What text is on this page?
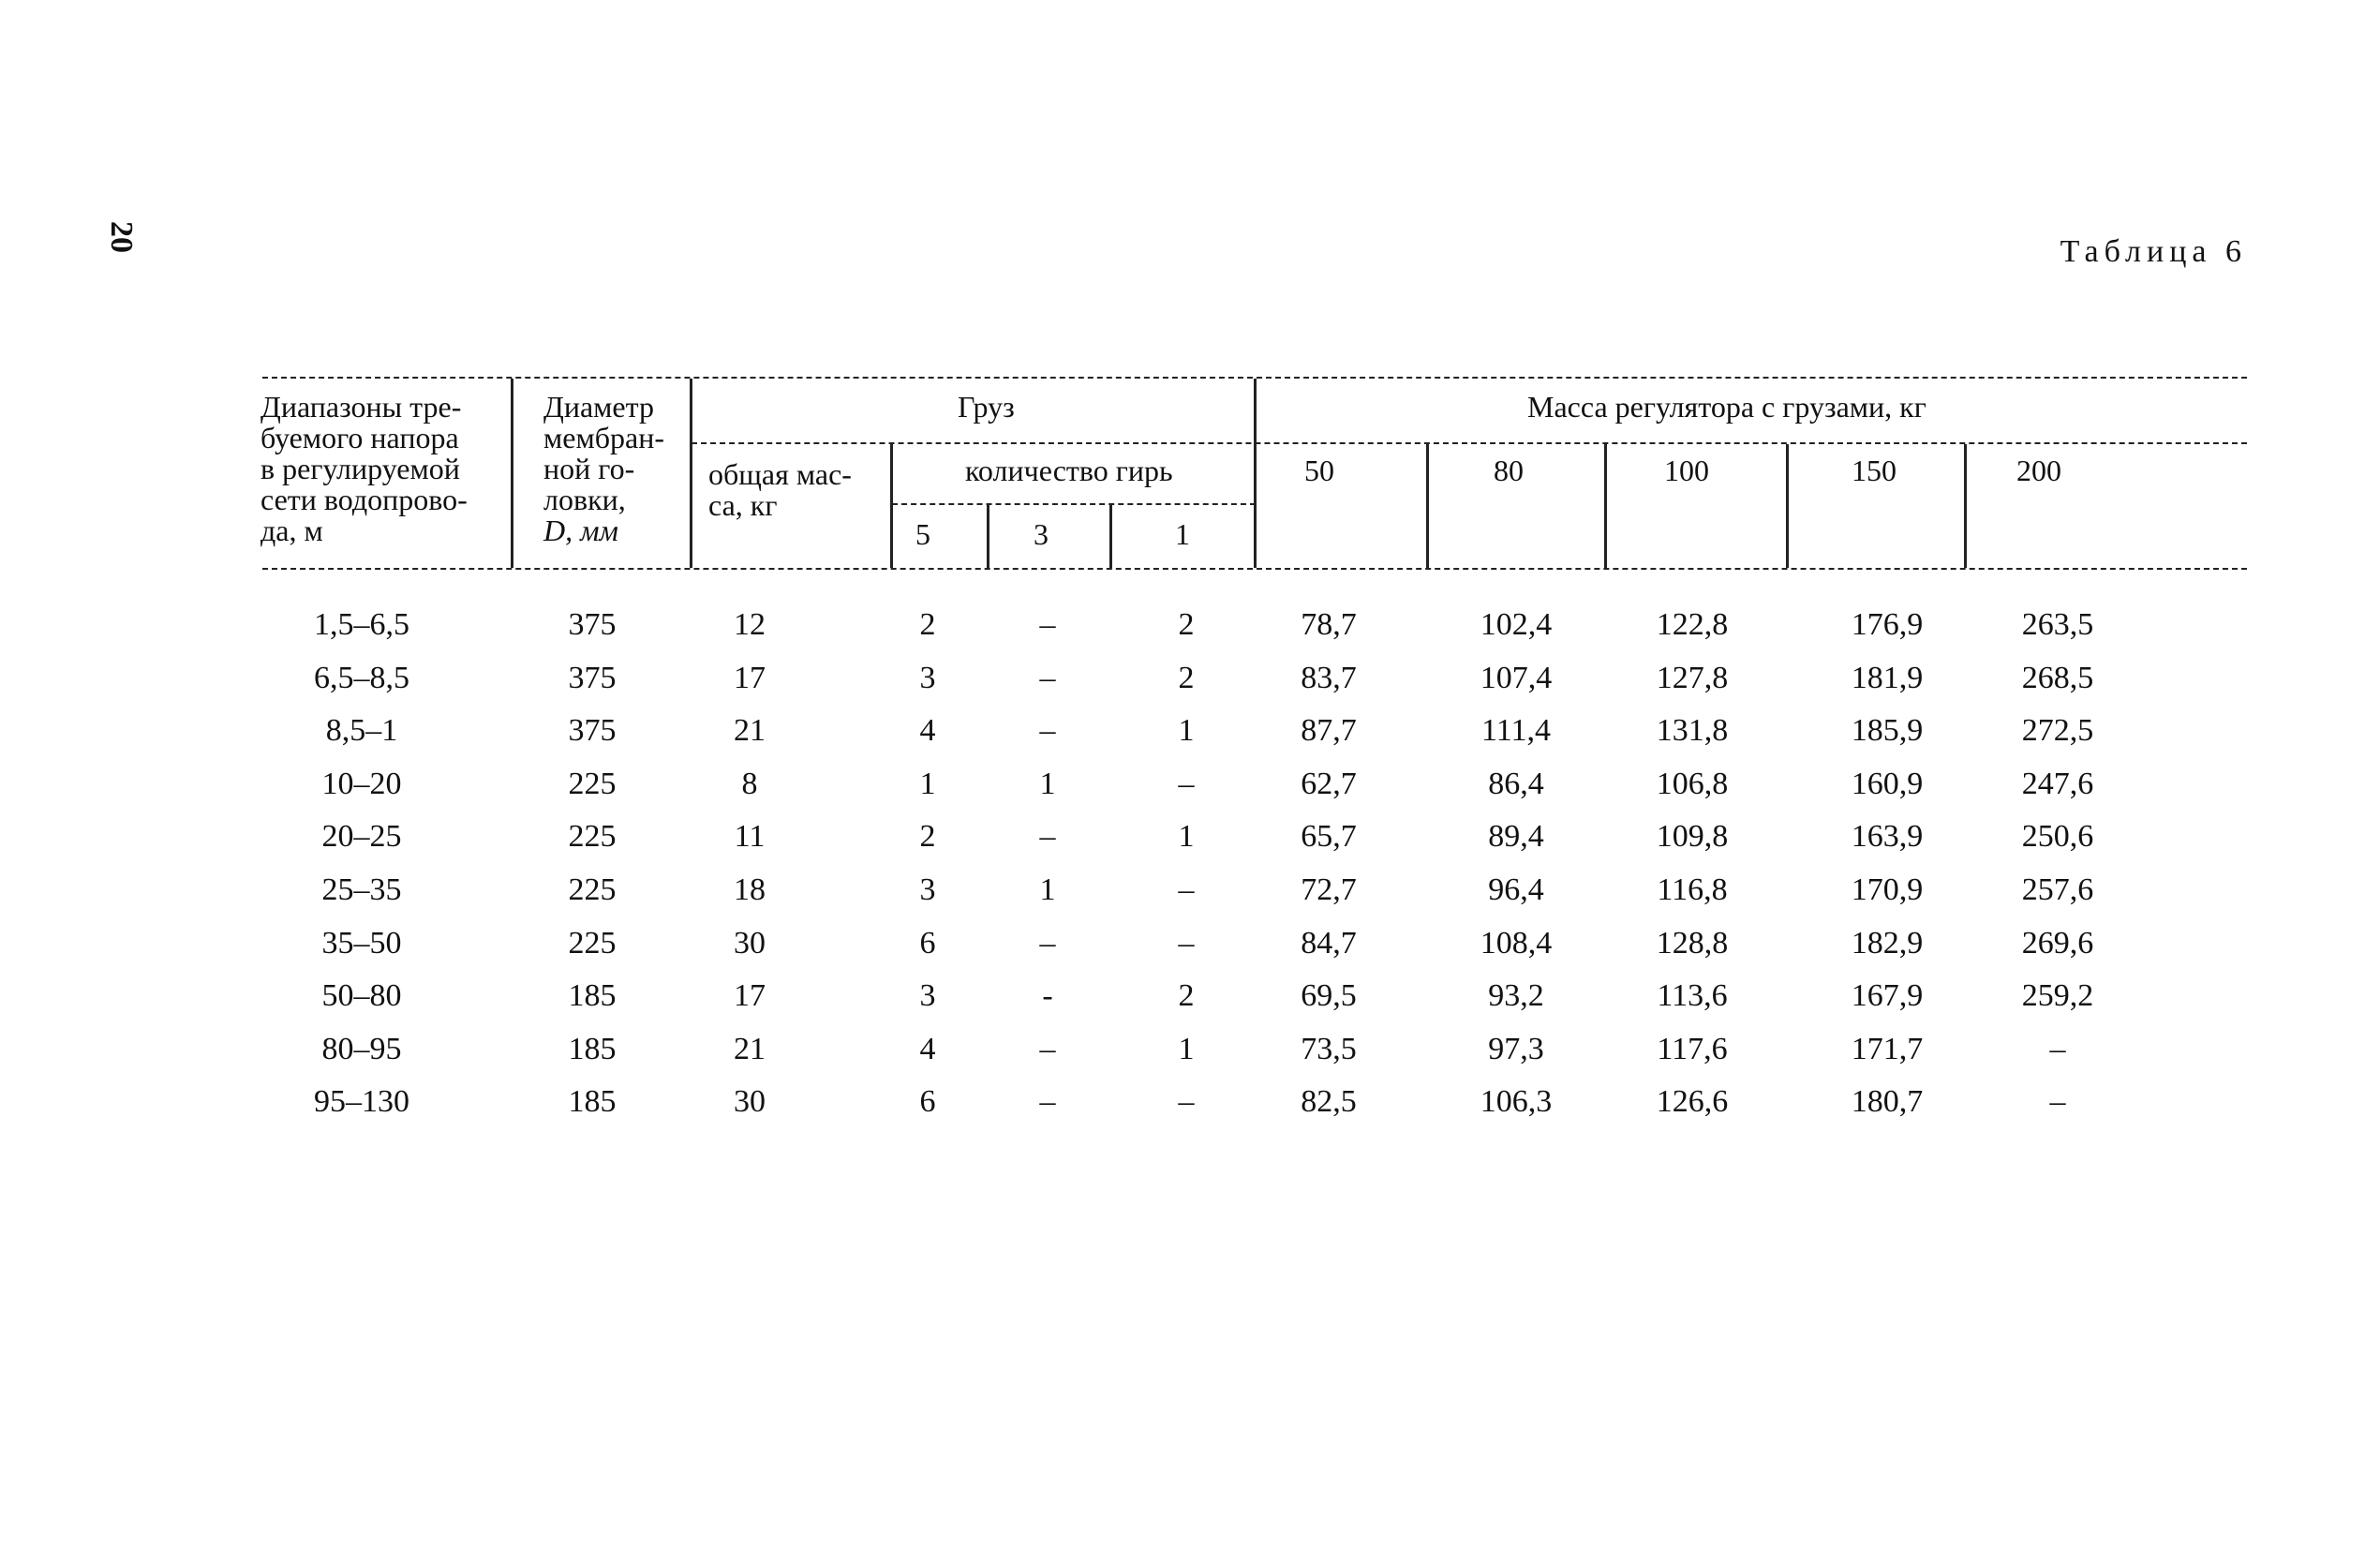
20	Таблица 6
Диапазоны тре-
буемого напора
в регулируемой
сети водопрово-
да, м
Диаметр
мембран-
ной го-
ловки,
D, мм
Груз
общая мас-
са, кг
количество гирь
5	3	1
Масса регулятора с грузами, кг
50	80	100	150	200
1,5–6,5	375	12	2	–	2	78,7	102,4	122,8	176,9	263,5
6,5–8,5	375	17	3	–	2	83,7	107,4	127,8	181,9	268,5
8,5–1	375	21	4	–	1	87,7	111,4	131,8	185,9	272,5
10–20	225	8	1	1	–	62,7	86,4	106,8	160,9	247,6
20–25	225	11	2	–	1	65,7	89,4	109,8	163,9	250,6
25–35	225	18	3	1	–	72,7	96,4	116,8	170,9	257,6
35–50	225	30	6	–	–	84,7	108,4	128,8	182,9	269,6
50–80	185	17	3	-	2	69,5	93,2	113,6	167,9	259,2
80–95	185	21	4	–	1	73,5	97,3	117,6	171,7	–
95–130	185	30	6	–	–	82,5	106,3	126,6	180,7	–
